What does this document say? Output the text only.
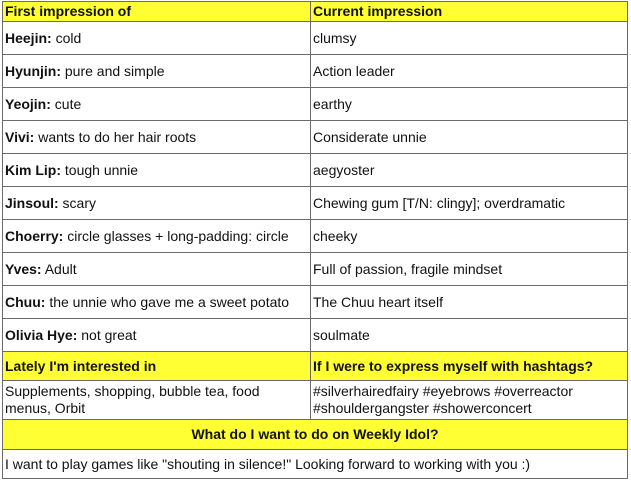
First impression of	Current impression
Heejin: cold	clumsy
Hyunjin: pure and simple	Action leader
Yeojin: cute	earthy
Vivi: wants to do her hair roots	Considerate unnie
Kim Lip: tough unnie	aegyoster
Jinsoul: scary	Chewing gum [T/N: clingy]; overdramatic
Choerry: circle glasses + long-padding: circle	cheeky
Yves: Adult	Full of passion, fragile mindset
Chuu: the unnie who gave me a sweet potato	The Chuu heart itself
Olivia Hye: not great	soulmate
Lately I'm interested in	If I were to express myself with hashtags?
Supplements, shopping, bubble tea, food menus, Orbit	#silverhairedfairy #eyebrows #overreactor #shouldergangster #showerconcert
What do I want to do on Weekly Idol?	
I want to play games like "shouting in silence!" Looking forward to working with you :)	
